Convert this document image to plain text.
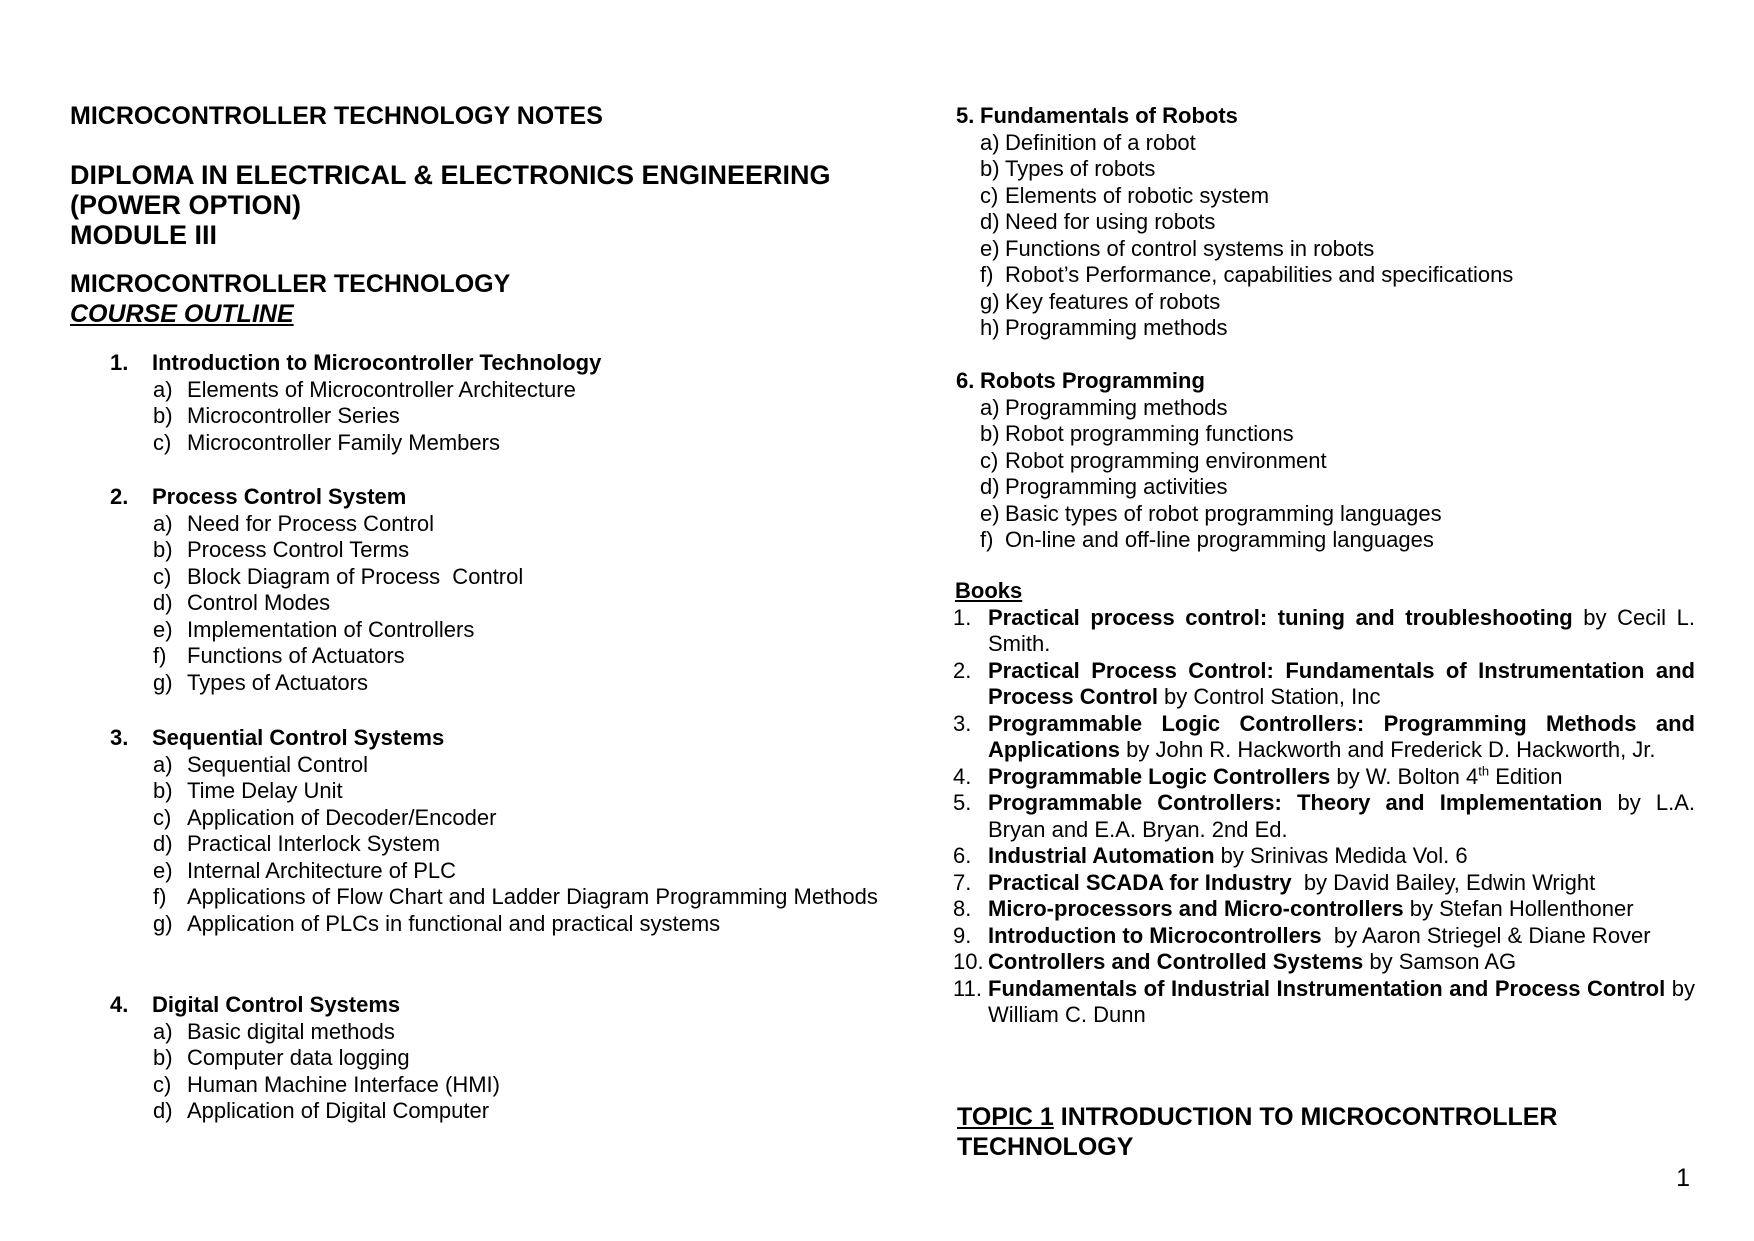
MICROCONTROLLER TECHNOLOGY NOTES
DIPLOMA IN ELECTRICAL & ELECTRONICS ENGINEERING
(POWER OPTION)
MODULE III
MICROCONTROLLER TECHNOLOGY
COURSE OUTLINE
1. Introduction to Microcontroller Technology
a) Elements of Microcontroller Architecture
b) Microcontroller Series
c) Microcontroller Family Members
2. Process Control System
a) Need for Process Control
b) Process Control Terms
c) Block Diagram of Process  Control
d) Control Modes
e) Implementation of Controllers
f) Functions of Actuators
g) Types of Actuators
3. Sequential Control Systems
a) Sequential Control
b) Time Delay Unit
c) Application of Decoder/Encoder
d) Practical Interlock System
e) Internal Architecture of PLC
f) Applications of Flow Chart and Ladder Diagram Programming Methods
g) Application of PLCs in functional and practical systems
4. Digital Control Systems
a) Basic digital methods
b) Computer data logging
c) Human Machine Interface (HMI)
d) Application of Digital Computer
5. Fundamentals of Robots
a) Definition of a robot
b) Types of robots
c) Elements of robotic system
d) Need for using robots
e) Functions of control systems in robots
f) Robot’s Performance, capabilities and specifications
g) Key features of robots
h) Programming methods
6. Robots Programming
a) Programming methods
b) Robot programming functions
c) Robot programming environment
d) Programming activities
e) Basic types of robot programming languages
f) On-line and off-line programming languages
Books
1. Practical process control: tuning and troubleshooting by Cecil L. Smith.
2. Practical Process Control: Fundamentals of Instrumentation and Process Control by Control Station, Inc
3. Programmable Logic Controllers: Programming Methods and Applications by John R. Hackworth and Frederick D. Hackworth, Jr.
4. Programmable Logic Controllers by W. Bolton 4th Edition
5. Programmable Controllers: Theory and Implementation by L.A. Bryan and E.A. Bryan. 2nd Ed.
6. Industrial Automation by Srinivas Medida Vol. 6
7. Practical SCADA for Industry  by David Bailey, Edwin Wright
8. Micro-processors and Micro-controllers by Stefan Hollenthoner
9. Introduction to Microcontrollers  by Aaron Striegel & Diane Rover
10. Controllers and Controlled Systems by Samson AG
11. Fundamentals of Industrial Instrumentation and Process Control by William C. Dunn
TOPIC 1 INTRODUCTION TO MICROCONTROLLER TECHNOLOGY
1
